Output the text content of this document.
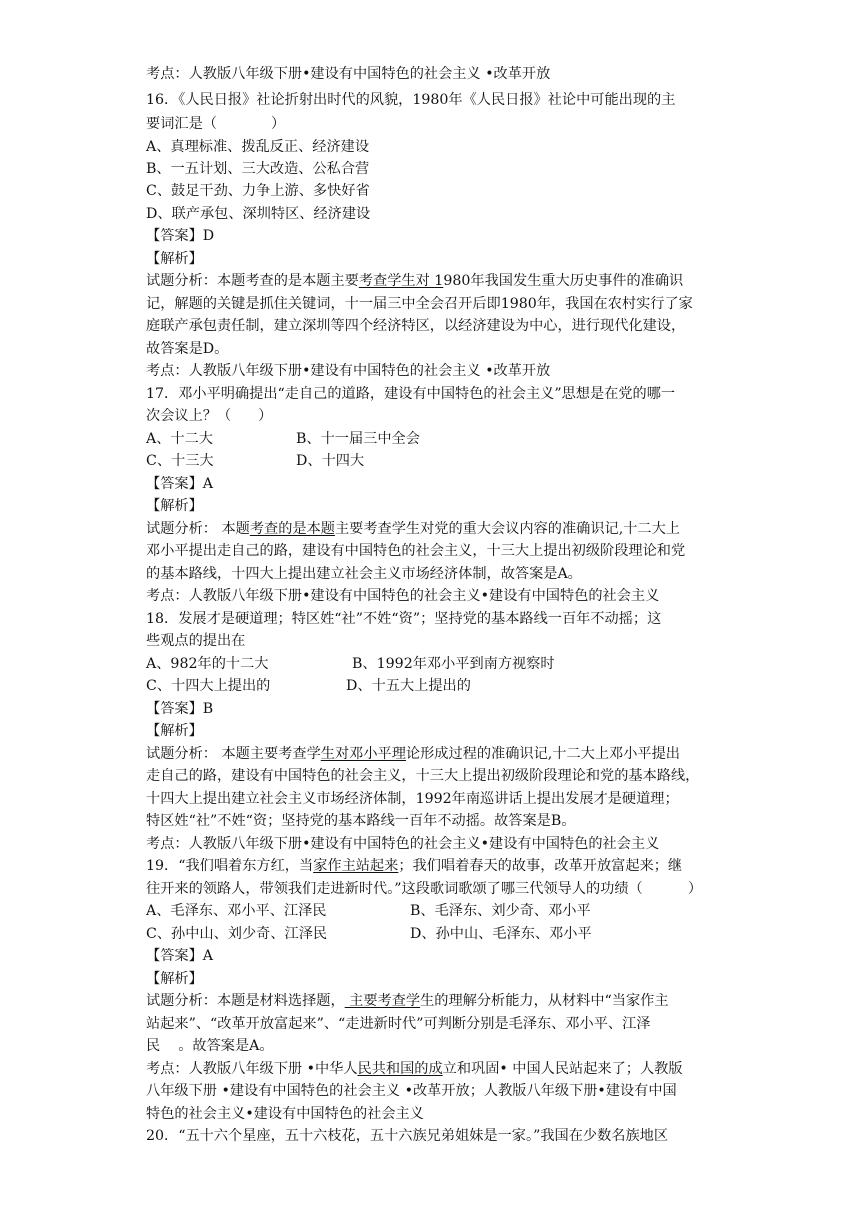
考点：人教版八年级下册•建设有中国特色的社会主义 •改革开放
16．《人民日报》社论折射出时代的风貌，1980年《人民日报》社论中可能出现的主
要词汇是（            ）
A、真理标准、拨乱反正、经济建设
B、一五计划、三大改造、公私合营
C、鼓足干劲、力争上游、多快好省
D、联产承包、深圳特区、经济建设
【答案】D
【解析】
试题分析：本题考查的是本题主要考查学生对 1980年我国发生重大历史事件的准确识
记，解题的关键是抓住关键词，十一届三中全会召开后即1980年，我国在农村实行了家
庭联产承包责任制，建立深圳等四个经济特区，以经济建设为中心，进行现代化建设，
故答案是D。
考点：人教版八年级下册•建设有中国特色的社会主义 •改革开放
17．邓小平明确提出“走自己的道路，建设有中国特色的社会主义”思想是在党的哪一
次会议上？（      ）
A、十二大	B、十一届三中全会
C、十三大	D、十四大
【答案】A
【解析】
试题分析： 本题考查的是本题主要考查学生对党的重大会议内容的准确识记,十二大上
邓小平提出走自己的路，建设有中国特色的社会主义，十三大上提出初级阶段理论和党
的基本路线，十四大上提出建立社会主义市场经济体制，故答案是A。
考点：人教版八年级下册•建设有中国特色的社会主义•建设有中国特色的社会主义
18．发展才是硬道理；特区姓“社”不姓“资”；坚持党的基本路线一百年不动摇；这
些观点的提出在
A、982年的十二大	B、1992年邓小平到南方视察时
C、十四大上提出的	D、十五大上提出的
【答案】B
【解析】
试题分析： 本题主要考查学生对邓小平理论形成过程的准确识记,十二大上邓小平提出
走自己的路，建设有中国特色的社会主义，十三大上提出初级阶段理论和党的基本路线，
十四大上提出建立社会主义市场经济体制，1992年南巡讲话上提出发展才是硬道理；
特区姓“社”不姓“资；坚持党的基本路线一百年不动摇。故答案是B。
考点：人教版八年级下册•建设有中国特色的社会主义•建设有中国特色的社会主义
19．“我们唱着东方红，当家作主站起来；我们唱着春天的故事，改革开放富起来；继
往开来的领路人，带领我们走进新时代。”这段歌词歌颂了哪三代领导人的功绩（          ）
A、毛泽东、邓小平、江泽民	B、毛泽东、刘少奇、邓小平
C、孙中山、刘少奇、江泽民	D、孙中山、毛泽东、邓小平
【答案】A
【解析】
试题分析：本题是材料选择题， 主要考查学生的理解分析能力，从材料中“当家作主
站起来”、“改革开放富起来”、“走进新时代”可判断分别是毛泽东、邓小平、江泽
民    。故答案是A。
考点：人教版八年级下册 •中华人民共和国的成立和巩固• 中国人民站起来了；人教版
八年级下册 •建设有中国特色的社会主义 •改革开放；人教版八年级下册•建设有中国
特色的社会主义•建设有中国特色的社会主义
20．“五十六个星座，五十六枝花，五十六族兄弟姐妹是一家。”我国在少数名族地区
